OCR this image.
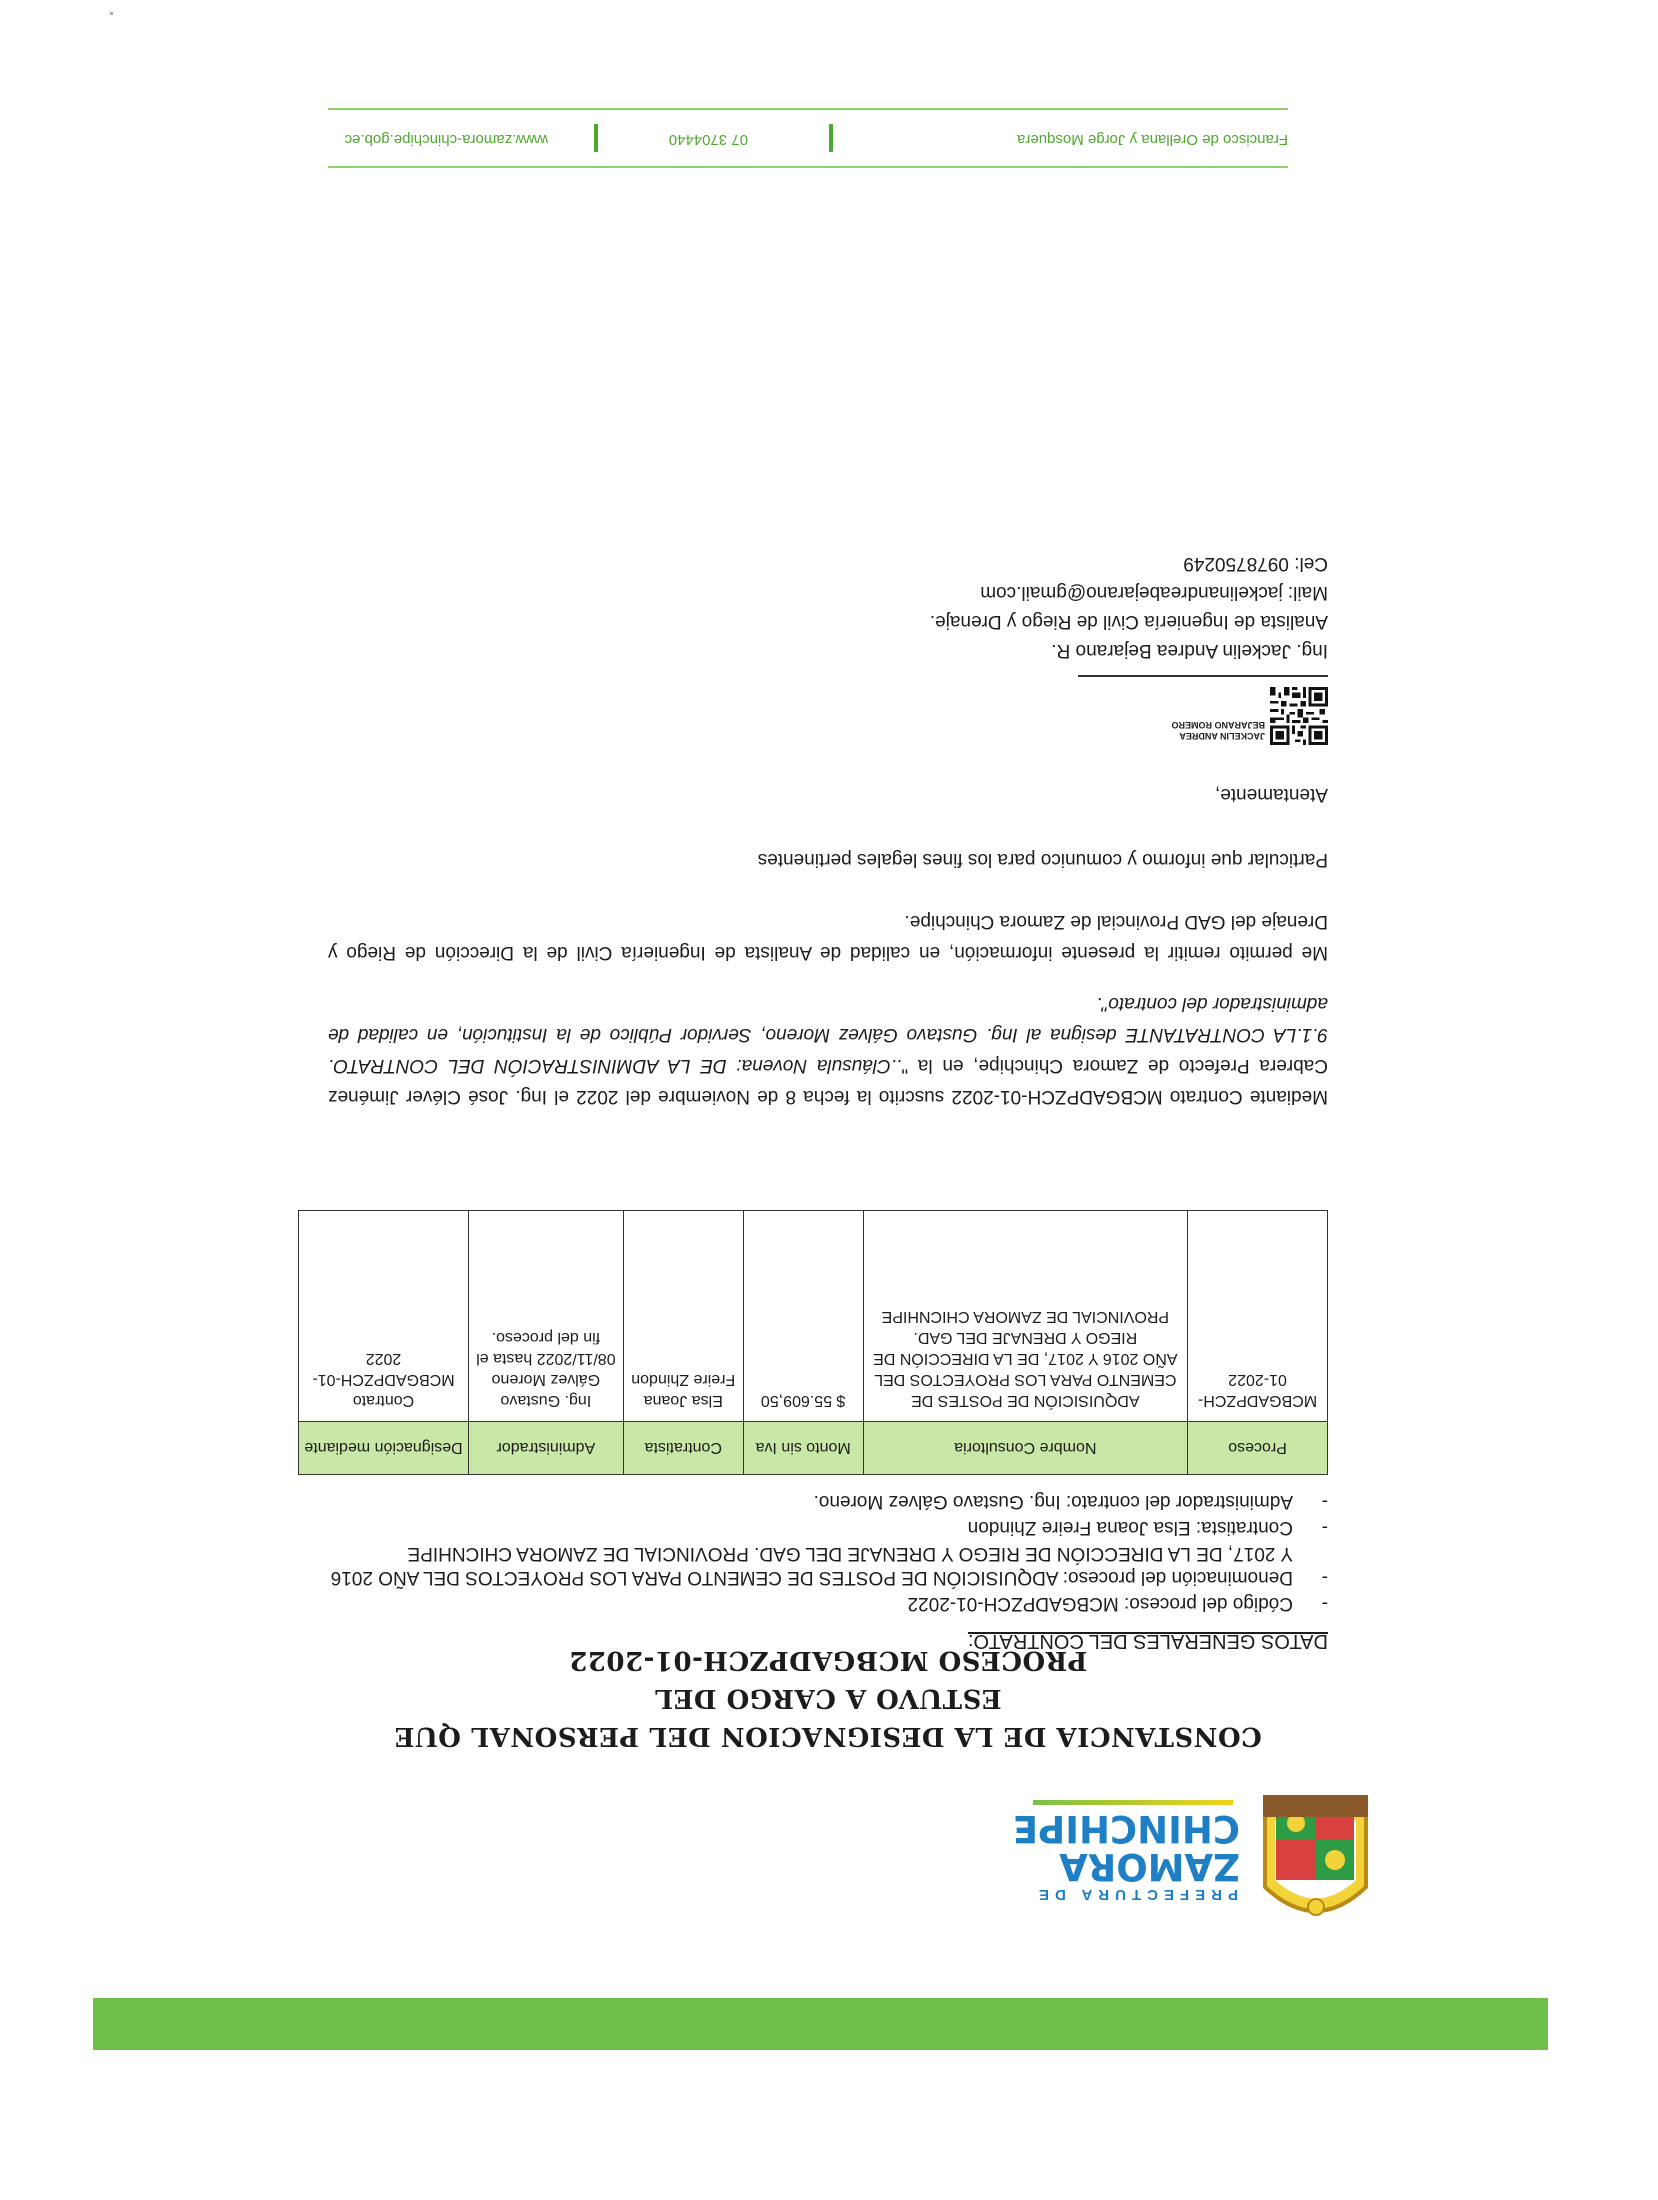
PREFECTURA DE
ZAMORA
CHINCHIPE
CONSTANCIA DE LA DESIGNACION DEL PERSONAL QUE ESTUVO A CARGO DEL
PROCESO MCBGADPZCH-01-2022
DATOS GENERALES DEL CONTRATO:
-
Código del proceso: MCBGADPZCH-01-2022
-
Denominación del proceso: ADQUISICIÓN DE POSTES DE CEMENTO PARA LOS PROYECTOS DEL AÑO 2016 Y 2017, DE LA DIRECCIÓN DE RIEGO Y DRENAJE DEL GAD. PROVINCIAL DE ZAMORA CHICNHIPE
-
Contratista: Elsa Joana Freire Zhindon
-
Administrador del contrato: Ing. Gustavo Gálvez Moreno.
Proceso	Nombre Consultoria	Monto sin Iva	Contratista	Administrador	Designación mediante
MCBGADPZCH-01-2022	ADQUISICIÓN DE POSTES DE CEMENTO PARA LOS PROYECTOS DEL AÑO 2016 Y 2017, DE LA DIRECCIÓN DE RIEGO Y DRENAJE DEL GAD. PROVINCIAL DE ZAMORA CHICNHIPE	$ 55.609,50	Elsa Joana Freire Zhindon	Ing. Gustavo Gálvez Moreno 08/11/2022 hasta el fin del proceso.	Contrato MCBGADPZCH-01-2022

Mediante Contrato MCBGADPZCH-01-2022 suscrito la fecha 8 de Noviembre del 2022 el Ing. José Cléver Jiménez Cabrera Prefecto de Zamora Chinchipe, en la "..Cláusula Novena: DE LA ADMINISTRACIÓN DEL CONTRATO. 9.1.LA CONTRATANTE designa al Ing. Gustavo Gálvez Moreno, Servidor Público de la Institución, en calidad de administrador del contrato".

Me permito remitir la presente información, en calidad de Analista de Ingeniería Civil de la Dirección de Riego y Drenaje del GAD Provincial de Zamora Chinchipe.

Particular que informo y comunico para los fines legales pertinentes

Atentamente,

JACKELIN ANDREA
BEJARANO ROMERO
Ing. Jackelin Andrea Bejarano R.
Analista de Ingeniería Civil de Riego y Drenaje.
Mail: jackelinandreabejarano@gmail.com
Cel: 0978750249
Francisco de Orellana y Jorge Mosquera
07 3704440
www.zamora-chinchipe.gob.ec
